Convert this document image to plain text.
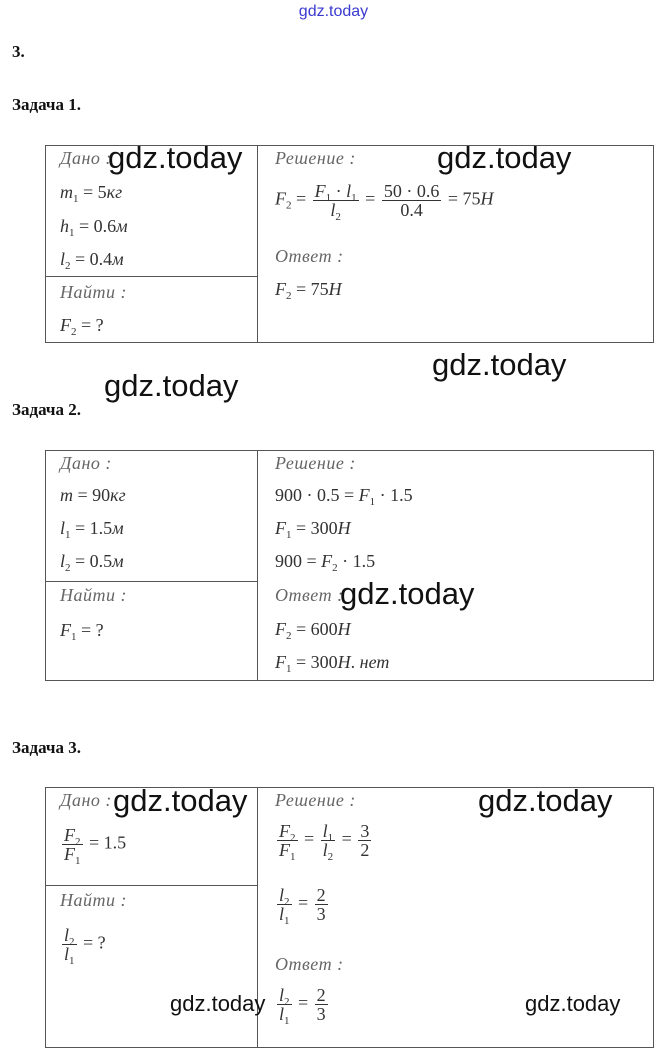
gdz.today
3.
Задача 1.
Дано :
$m_1 = 5кг$
$h_1 = 0.6м$
$l_2 = 0.4м$
Найти :
$F_2$ = ?
Решение :
$F_2 = \frac{F_1 \cdot l_1}{l_2} = \frac{50 \cdot 0.6}{0.4} = 75H$
Ответ :
$F_2 = 75H$
Задача 2.
Дано :
m = 90кг
$l_1 = 1.5м$
$l_2 = 0.5м$
Найти :
$F_1$ = ?
Решение :
$900 \cdot 0.5 = F_1 \cdot 1.5$
$F_1 = 300H$
$900 = F_2 \cdot 1.5$
Ответ :
$F_2 = 600H$
$F_1 = 300H$. нет
Задача 3.
Дано :
$\frac{F_2}{F_1} = 1.5$
Найти :
$\frac{l_2}{l_1}$ = ?
Решение :
$\frac{F_2}{F_1} = \frac{l_1}{l_2} = \frac{3}{2}$
$\frac{l_2}{l_1} = \frac{2}{3}$
Ответ :
$\frac{l_2}{l_1} = \frac{2}{3}$
gdz.today	gdz.today
gdz.today
gdz.today
gdz.today
gdz.today	gdz.today
gdz.today	gdz.today
